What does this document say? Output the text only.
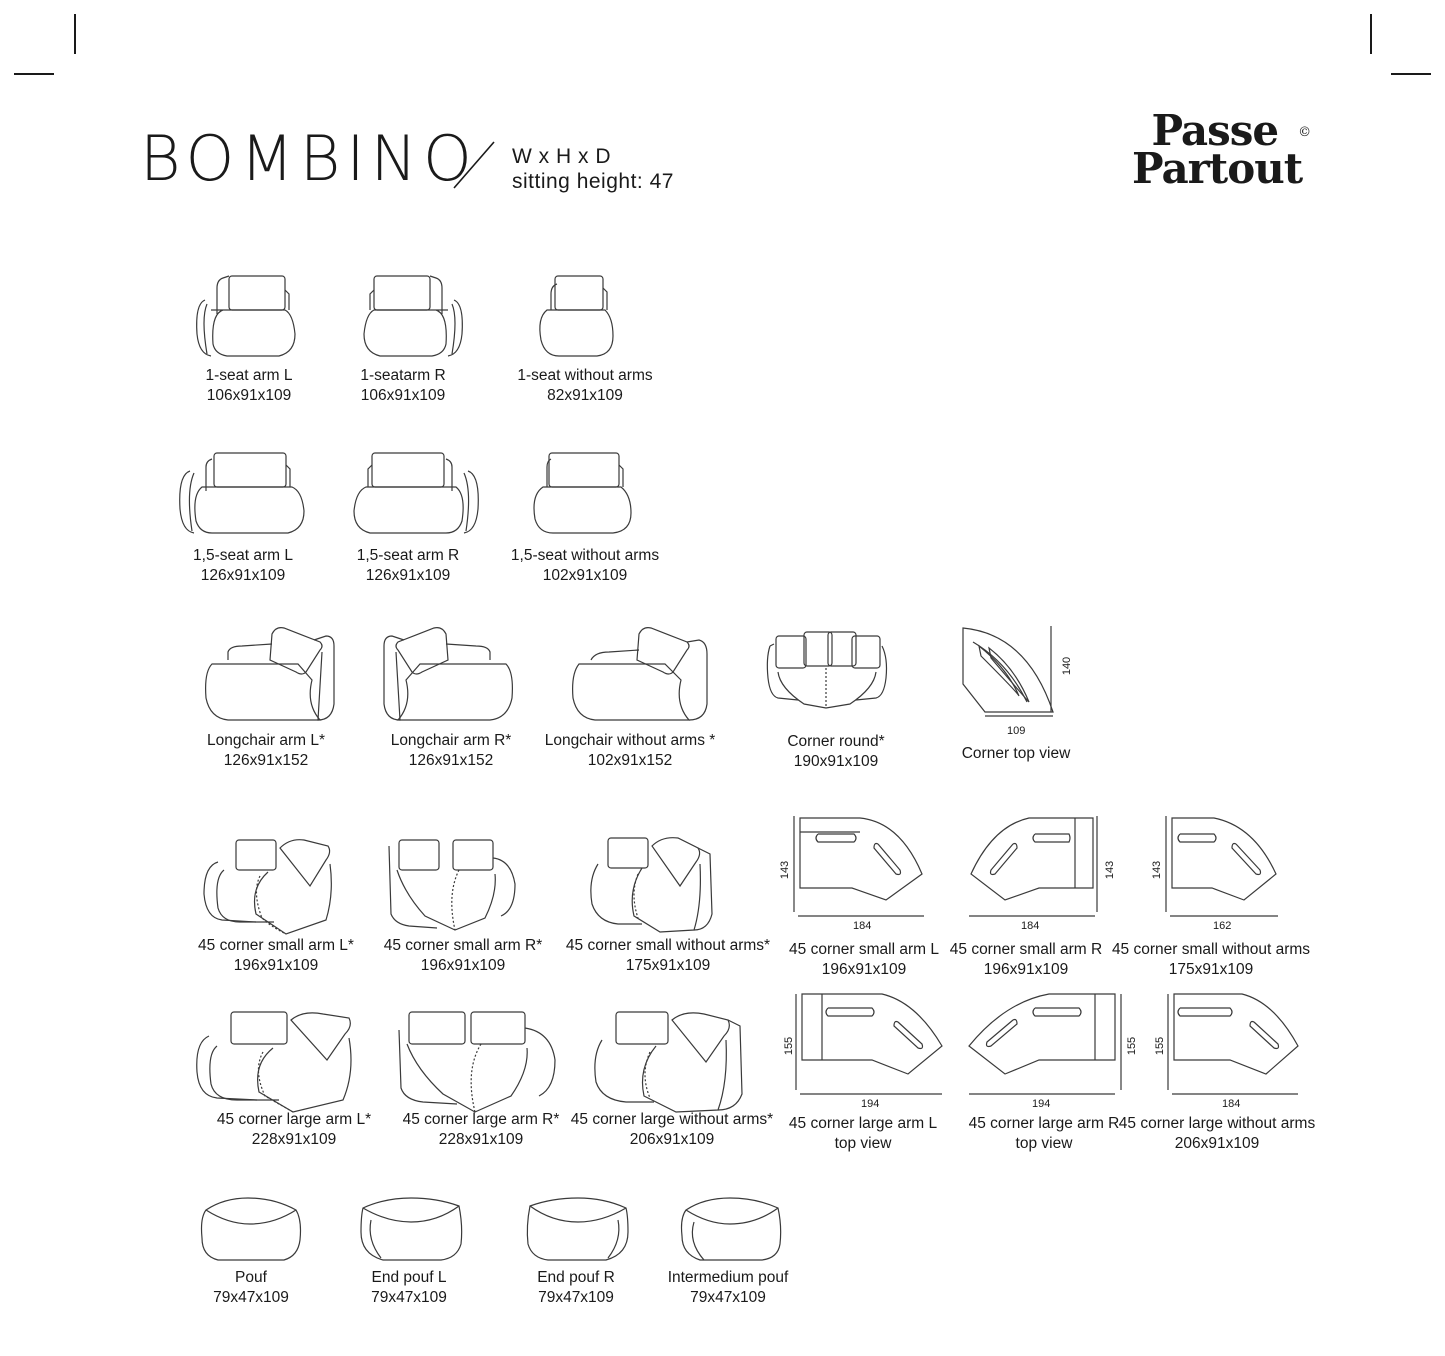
BOMBINO W x H x D
sitting height: 47
Passe
Partout
©
109
140
184
143
184
143
162
143
194
155
194
155
184
155
1-seat arm L
106x91x109
1-seatarm R
106x91x109
1-seat without arms
82x91x109
1,5-seat arm L
126x91x109
1,5-seat arm R
126x91x109
1,5-seat without arms
102x91x109
Longchair arm L*
126x91x152
Longchair arm R*
126x91x152
Longchair without arms *
102x91x152
Corner round*
190x91x109	Corner top view
45 corner small arm L*
196x91x109
45 corner small arm R*
196x91x109
45 corner small without arms*
175x91x109
45 corner small arm L
196x91x109
45 corner small arm R
196x91x109
45 corner small without arms
175x91x109
45 corner large arm L*
228x91x109
45 corner large arm R*
228x91x109
45 corner large without arms*
206x91x109
45 corner large arm L
top view
45 corner large arm R
top view
45 corner large without arms
206x91x109
Pouf
79x47x109
End pouf L
79x47x109
End pouf R
79x47x109
Intermedium pouf
79x47x109
